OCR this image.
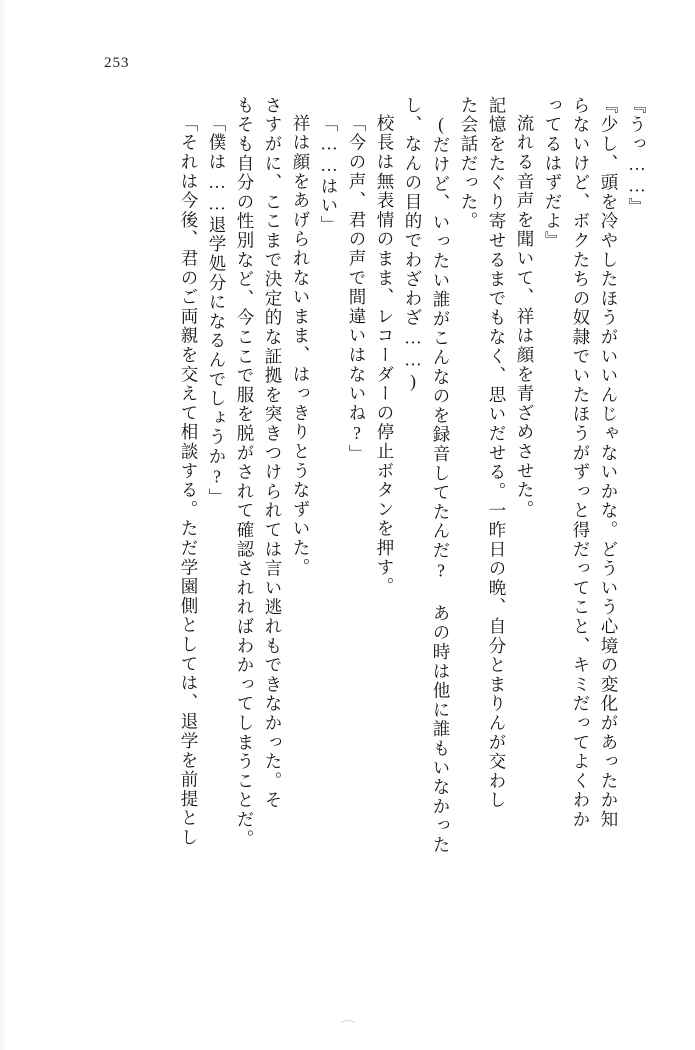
253
『うっ……』
『少し、頭を冷やしたほうがいいんじゃないかな。どういう心境の変化があったか知
らないけど、ボクたちの奴隷でいたほうがずっと得だってこと、キミだってよくわか
ってるはずだよ』
流れる音声を聞いて、祥は顔を青ざめさせた。
記憶をたぐり寄せるまでもなく、思いだせる。一昨日の晩、自分とまりんが交わし
た会話だった。
(だけど、いったい誰がこんなのを録音してたんだ? あの時は他に誰もいなかった
し、なんの目的でわざわざ……)
校長は無表情のまま、レコーダーの停止ボタンを押す。
「今の声、君の声で間違いはないね?」
「……はい」
祥は顔をあげられないまま、はっきりとうなずいた。
さすがに、ここまで決定的な証拠を突きつけられては言い逃れもできなかった。そ
もそも自分の性別など、今ここで服を脱がされて確認されればわかってしまうことだ。
「僕は……退学処分になるんでしょうか?」
「それは今後、君のご両親を交えて相談する。ただ学園側としては、退学を前提とし
